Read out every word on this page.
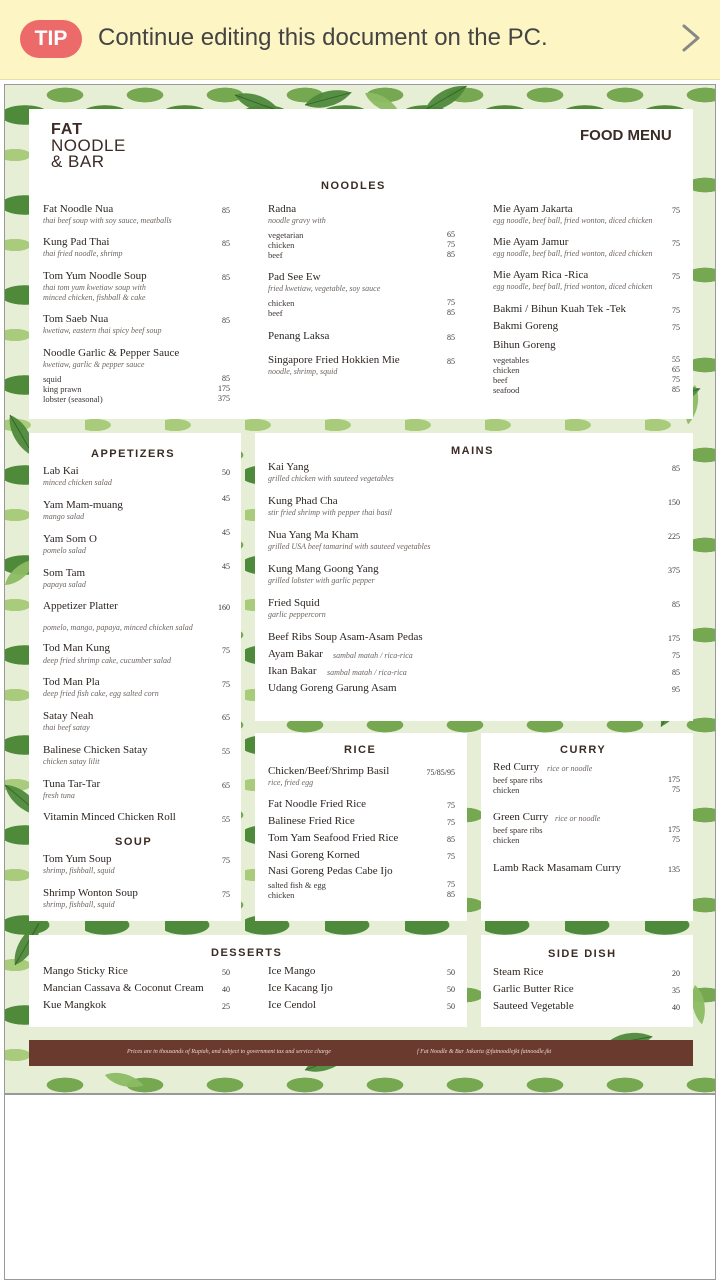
TIP	Continue editing this document on the PC.
FAT
NOODLE
& BAR
FOOD MENU
NOODLES
Fat Noodle Nua
thai beef soup with soy sauce, meatballs
85
Kung Pad Thai
thai fried noodle, shrimp
85
Tom Yum Noodle Soup
thai tom yum kwetiaw soup with
minced chicken, fishball & cake
85
Tom Saeb Nua
kwetiaw, eastern thai spicy beef soup
85
Noodle Garlic & Pepper Sauce
kwetiaw, garlic & pepper sauce
squid	85
king prawn	175
lobster (seasonal)	375
Radna
noodle gravy with
vegetarian	65
chicken	75
beef	85
Pad See Ew
fried kwetiaw, vegetable, soy sauce
chicken	75
beef	85
Penang Laksa	85
Singapore Fried Hokkien Mie
noodle, shrimp, squid
85
Mie Ayam Jakarta
egg noodle, beef ball, fried wonton, diced chicken
75
Mie Ayam Jamur
egg noodle, beef ball, fried wonton, diced chicken
75
Mie Ayam Rica -Rica
egg noodle, beef ball, fried wonton, diced chicken
75
Bakmi / Bihun Kuah Tek -Tek	75
Bakmi Goreng	75
Bihun Goreng
vegetables	55
chicken	65
beef	75
seafood	85
APPETIZERS
Lab Kai
minced chicken salad
50
Yam Mam-muang
mango salad
45
Yam Som O
pomelo salad
45
Som Tam
papaya salad
45
Appetizer Platter
pomelo, mango, papaya, minced chicken salad
160
Tod Man Kung
deep fried shrimp cake, cucumber salad
75
Tod Man Pla
deep fried fish cake, egg salted corn
75
Satay Neah
thai beef satay
65
Balinese Chicken Satay
chicken satay lilit
55
Tuna Tar-Tar
fresh tuna
65
Vitamin Minced Chicken Roll	55
SOUP
Tom Yum Soup
shrimp, fishball, squid
75
Shrimp Wonton Soup
shrimp, fishball, squid
75
MAINS
Kai Yang
grilled chicken with sauteed vegetables
85
Kung Phad Cha
stir fried shrimp with pepper thai basil
150
Nua Yang Ma Kham
grilled USA beef tamarind with sauteed vegetables
225
Kung Mang Goong Yang
grilled lobster with garlic pepper
375
Fried Squid
garlic peppercorn
85
Beef Ribs Soup Asam-Asam Pedas	175
Ayam Bakar sambal matah / rica-rica	75
Ikan Bakar sambal matah / rica-rica	85
Udang Goreng Garung Asam	95
RICE
Chicken/Beef/Shrimp Basil
rice, fried egg
75/85/95
Fat Noodle Fried Rice	75
Balinese Fried Rice	75
Tom Yam Seafood Fried Rice	85
Nasi Goreng Korned	75
Nasi Goreng Pedas Cabe Ijo
salted fish & egg	75
chicken	85
CURRY
Red Curry rice or noodle
beef spare ribs	175
chicken	75
Green Curry rice or noodle
beef spare ribs	175
chicken	75
Lamb Rack Masamam Curry	135
DESSERTS
Mango Sticky Rice	50
Mancian Cassava & Coconut Cream	40
Kue Mangkok	25
Ice Mango	50
Ice Kacang Ijo	50
Ice Cendol	50
SIDE DISH
Steam Rice	20
Garlic Butter Rice	35
Sauteed Vegetable	40
Prices are in thousands of Rupiah, and subject to government tax and service charge	f Fat Noodle & Bar Jakarta @fatnoodlejkt fatnoodle.jkt
